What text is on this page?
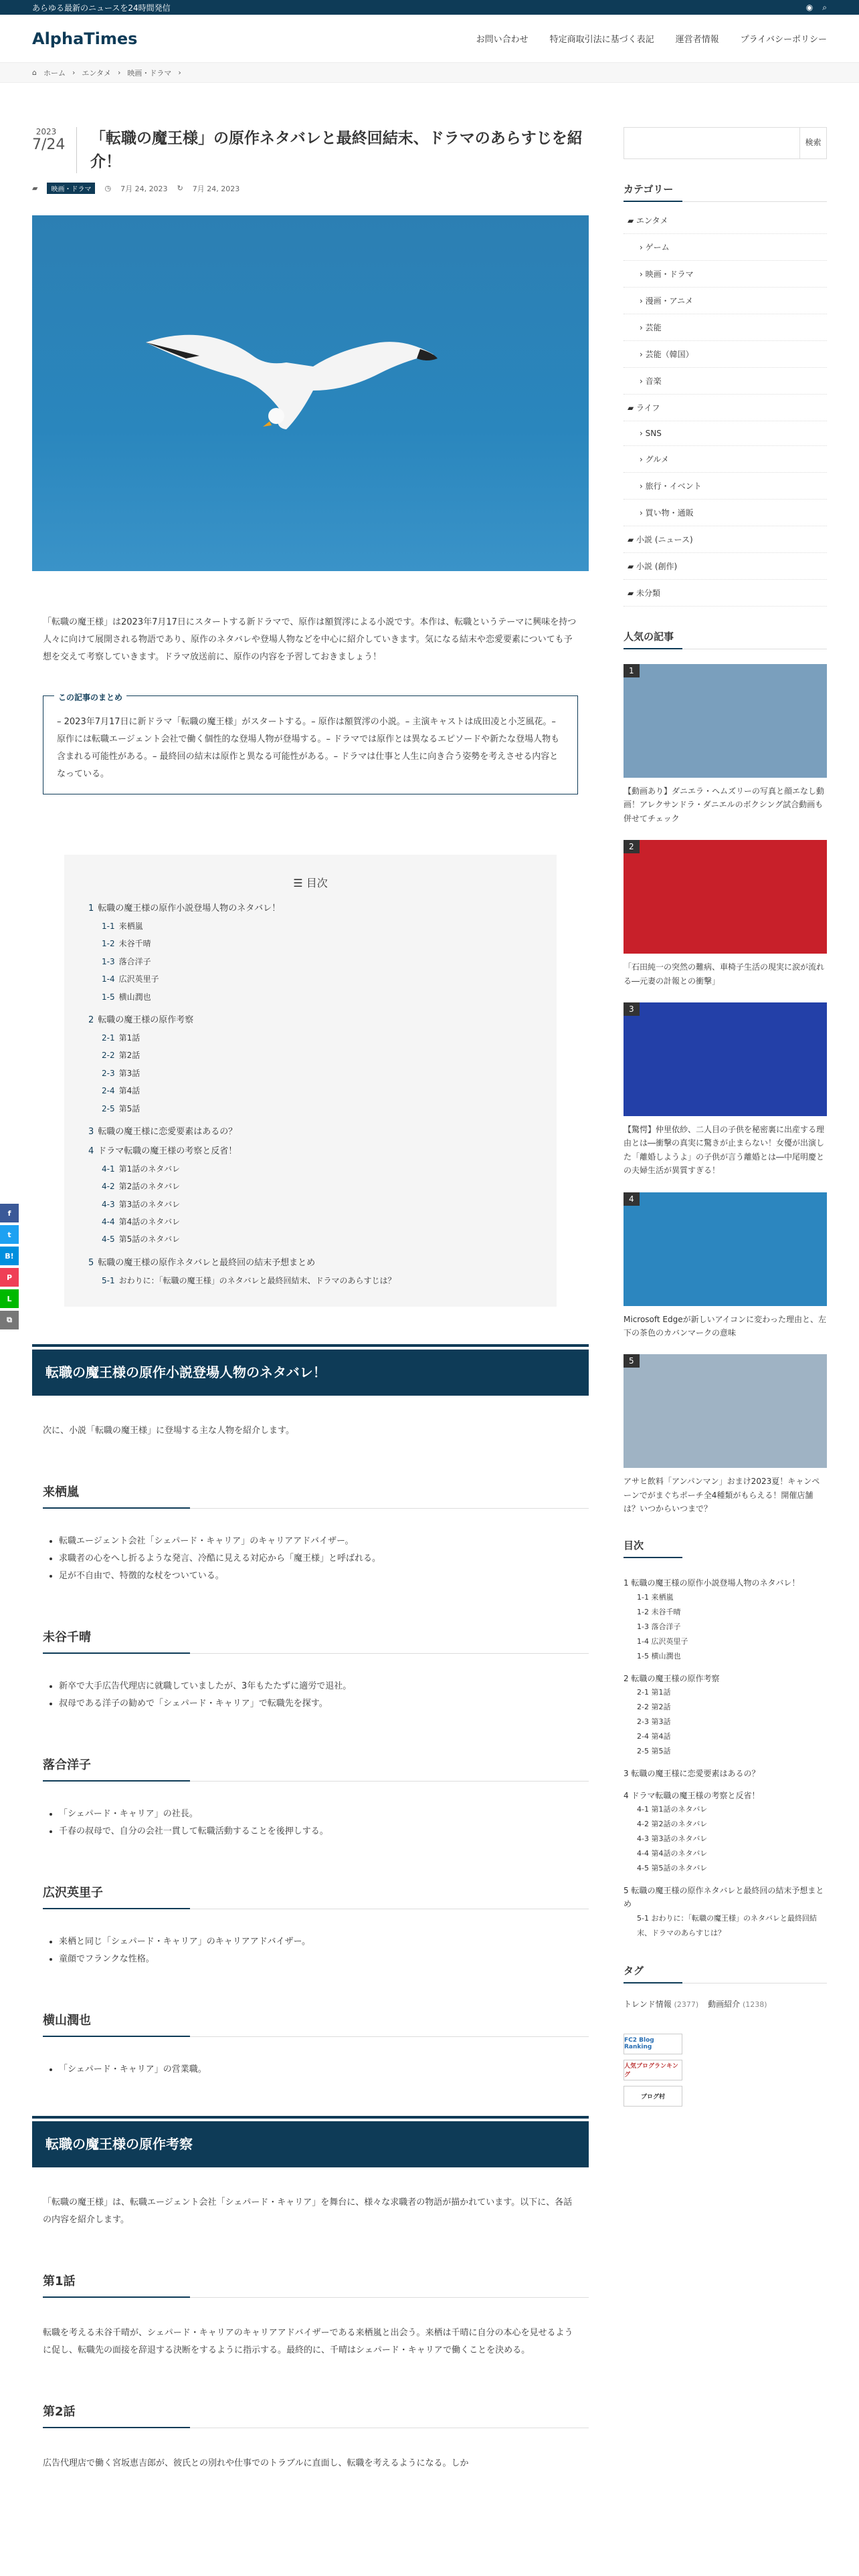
あらゆる最新のニュースを24時間発信	◉ ⌕
AlphaTimes	お問い合わせ 特定商取引法に基づく表記 運営者情報 プライバシーポリシー
⌂ ホーム › エンタメ › 映画・ドラマ ›
2023
7/24	「転職の魔王様」の原作ネタバレと最終回結末、ドラマのあらすじを紹介！
▰	映画・ドラマ	◷ 7月 24, 2023 ↻ 7月 24, 2023

「転職の魔王様」は2023年7月17日にスタートする新ドラマで、原作は額賀澪による小説です。本作は、転職というテーマに興味を持つ人々に向けて展開される物語であり、原作のネタバレや登場人物などを中心に紹介していきます。気になる結末や恋愛要素についても予想を交えて考察していきます。ドラマ放送前に、原作の内容を予習しておきましょう！

この記事のまとめ

– 2023年7月17日に新ドラマ「転職の魔王様」がスタートする。– 原作は額賀澪の小説。– 主演キャストは成田凌と小芝風花。– 原作には転職エージェント会社で働く個性的な登場人物が登場する。– ドラマでは原作とは異なるエピソードや新たな登場人物も含まれる可能性がある。– 最終回の結末は原作と異なる可能性がある。– ドラマは仕事と人生に向き合う姿勢を考えさせる内容となっている。

☰ 目次
1 転職の魔王様の原作小説登場人物のネタバレ！
1-1 来栖嵐
1-2 未谷千晴
1-3 落合洋子
1-4 広沢英里子
1-5 横山潤也
2 転職の魔王様の原作考察
2-1 第1話
2-2 第2話
2-3 第3話
2-4 第4話
2-5 第5話
3 転職の魔王様に恋愛要素はあるの？
4 ドラマ転職の魔王様の考察と反省！
4-1 第1話のネタバレ
4-2 第2話のネタバレ
4-3 第3話のネタバレ
4-4 第4話のネタバレ
4-5 第5話のネタバレ
5 転職の魔王様の原作ネタバレと最終回の結末予想まとめ
5-1 おわりに：「転職の魔王様」のネタバレと最終回結末、ドラマのあらすじは？
転職の魔王様の原作小説登場人物のネタバレ！

次に、小説「転職の魔王様」に登場する主な人物を紹介します。

来栖嵐
• 転職エージェント会社「シェパード・キャリア」のキャリアアドバイザー。
• 求職者の心をへし折るような発言、冷酷に見える対応から「魔王様」と呼ばれる。
• 足が不自由で、特徴的な杖をついている。
未谷千晴
• 新卒で大手広告代理店に就職していましたが、3年もたたずに適労で退社。
• 叔母である洋子の勧めで「シェパード・キャリア」で転職先を探す。
落合洋子
• 「シェパード・キャリア」の社長。
• 千春の叔母で、自分の会社一貫して転職活動することを後押しする。
広沢英里子
• 来栖と同じ「シェパード・キャリア」のキャリアアドバイザー。
• 童顔でフランクな性格。
横山潤也
• 「シェパード・キャリア」の営業職。
転職の魔王様の原作考察

「転職の魔王様」は、転職エージェント会社「シェパード・キャリア」を舞台に、様々な求職者の物語が描かれています。以下に、各話の内容を紹介します。

第1話

転職を考える未谷千晴が、シェパード・キャリアのキャリアアドバイザーである来栖嵐と出会う。来栖は千晴に自分の本心を見せるように促し、転職先の面接を辞退する決断をするように指示する。最終的に、千晴はシェパード・キャリアで働くことを決める。

第2話

広告代理店で働く宮坂恵吉郎が、彼氏との別れや仕事でのトラブルに直面し、転職を考えるようになる。しか

検索
カテゴリー
▰ エンタメ
› ゲーム
› 映画・ドラマ
› 漫画・アニメ
› 芸能
› 芸能（韓国）
› 音楽
▰ ライフ
› SNS
› グルメ
› 旅行・イベント
› 買い物・通販
▰ 小説 (ニュース)
▰ 小説 (創作)
▰ 未分類
人気の記事
1

【動画あり】ダニエラ・ヘムズリーの写真と顔エなし動画！アレクサンドラ・ダニエルのボクシング試合動画も併せてチェック

2

「石田純一の突然の難病、車椅子生活の現実に涙が流れる―元妻の計報との衝撃」

3

【驚愕】仲里依紗、二人目の子供を秘密裏に出産する理由とは―衝撃の真実に驚きが止まらない！女優が出演した「離婚しようよ」の子供が言う離婚とは―中尾明慶との夫婦生活が異質すぎる！

4

Microsoft Edgeが新しいアイコンに変わった理由と、左下の茶色のカバンマークの意味

5

アサヒ飲料「アンパンマン」おまけ2023夏！キャンペーンでがまぐちポーチ全4種類がもらえる！開催店舗は？いつからいつまで？

目次
1 転職の魔王様の原作小説登場人物のネタバレ！
1-1 来栖嵐
1-2 未谷千晴
1-3 落合洋子
1-4 広沢英里子
1-5 横山潤也
2 転職の魔王様の原作考察
2-1 第1話
2-2 第2話
2-3 第3話
2-4 第4話
2-5 第5話
3 転職の魔王様に恋愛要素はあるの？
4 ドラマ転職の魔王様の考察と反省！
4-1 第1話のネタバレ
4-2 第2話のネタバレ
4-3 第3話のネタバレ
4-4 第4話のネタバレ
4-5 第5話のネタバレ
5 転職の魔王様の原作ネタバレと最終回の結末予想まとめ
5-1 おわりに：「転職の魔王様」のネタバレと最終回結末、ドラマのあらすじは？
タグ
トレンド情報 (2377) 動画紹介 (1238)
FC2 Blog Ranking
人気ブログランキング
ブログ村
f
t
B!
P
L
⧉
